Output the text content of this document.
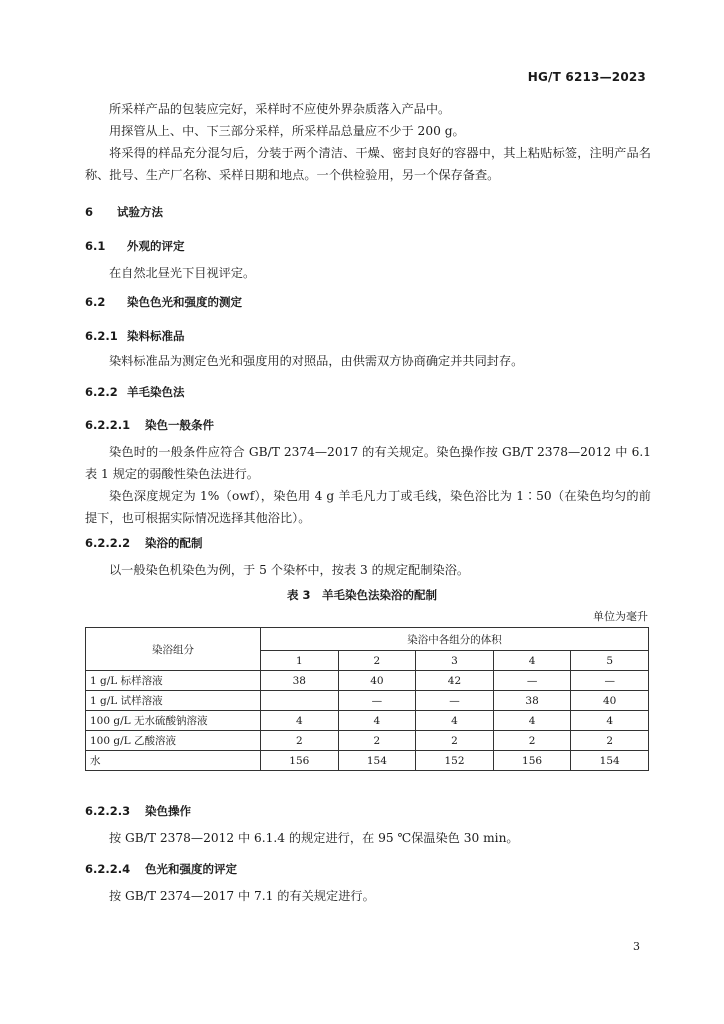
HG/T 6213—2023

所采样产品的包装应完好，采样时不应使外界杂质落入产品中。

用探管从上、中、下三部分采样，所采样品总量应不少于 200 g。

将采得的样品充分混匀后，分装于两个清洁、干燥、密封良好的容器中，其上粘贴标签，注明产品名称、批号、生产厂名称、采样日期和地点。一个供检验用，另一个保存备查。

6 试验方法
6.1 外观的评定

在自然北昼光下目视评定。

6.2 染色色光和强度的测定
6.2.1 染料标准品

染料标准品为测定色光和强度用的对照品，由供需双方协商确定并共同封存。

6.2.2 羊毛染色法
6.2.2.1 染色一般条件

染色时的一般条件应符合 GB/T 2374—2017 的有关规定。染色操作按 GB/T 2378—2012 中 6.1 表 1 规定的弱酸性染色法进行。

染色深度规定为 1%（owf），染色用 4 g 羊毛凡力丁或毛线，染色浴比为 1∶50（在染色均匀的前提下，也可根据实际情况选择其他浴比）。

6.2.2.2 染浴的配制

以一般染色机染色为例，于 5 个染杯中，按表 3 的规定配制染浴。

表 3　羊毛染色法染浴的配制
单位为毫升
染浴组分	染浴中各组分的体积				
	1	2	3	4	5
1 g/L 标样溶液	38	40	42	—	—
1 g/L 试样溶液		—	—	38	40
100 g/L 无水硫酸钠溶液	4	4	4	4	4
100 g/L 乙酸溶液	2	2	2	2	2
水	156	154	152	156	154
6.2.2.3 染色操作

按 GB/T 2378—2012 中 6.1.4 的规定进行，在 95 ℃保温染色 30 min。

6.2.2.4 色光和强度的评定

按 GB/T 2374—2017 中 7.1 的有关规定进行。

3
